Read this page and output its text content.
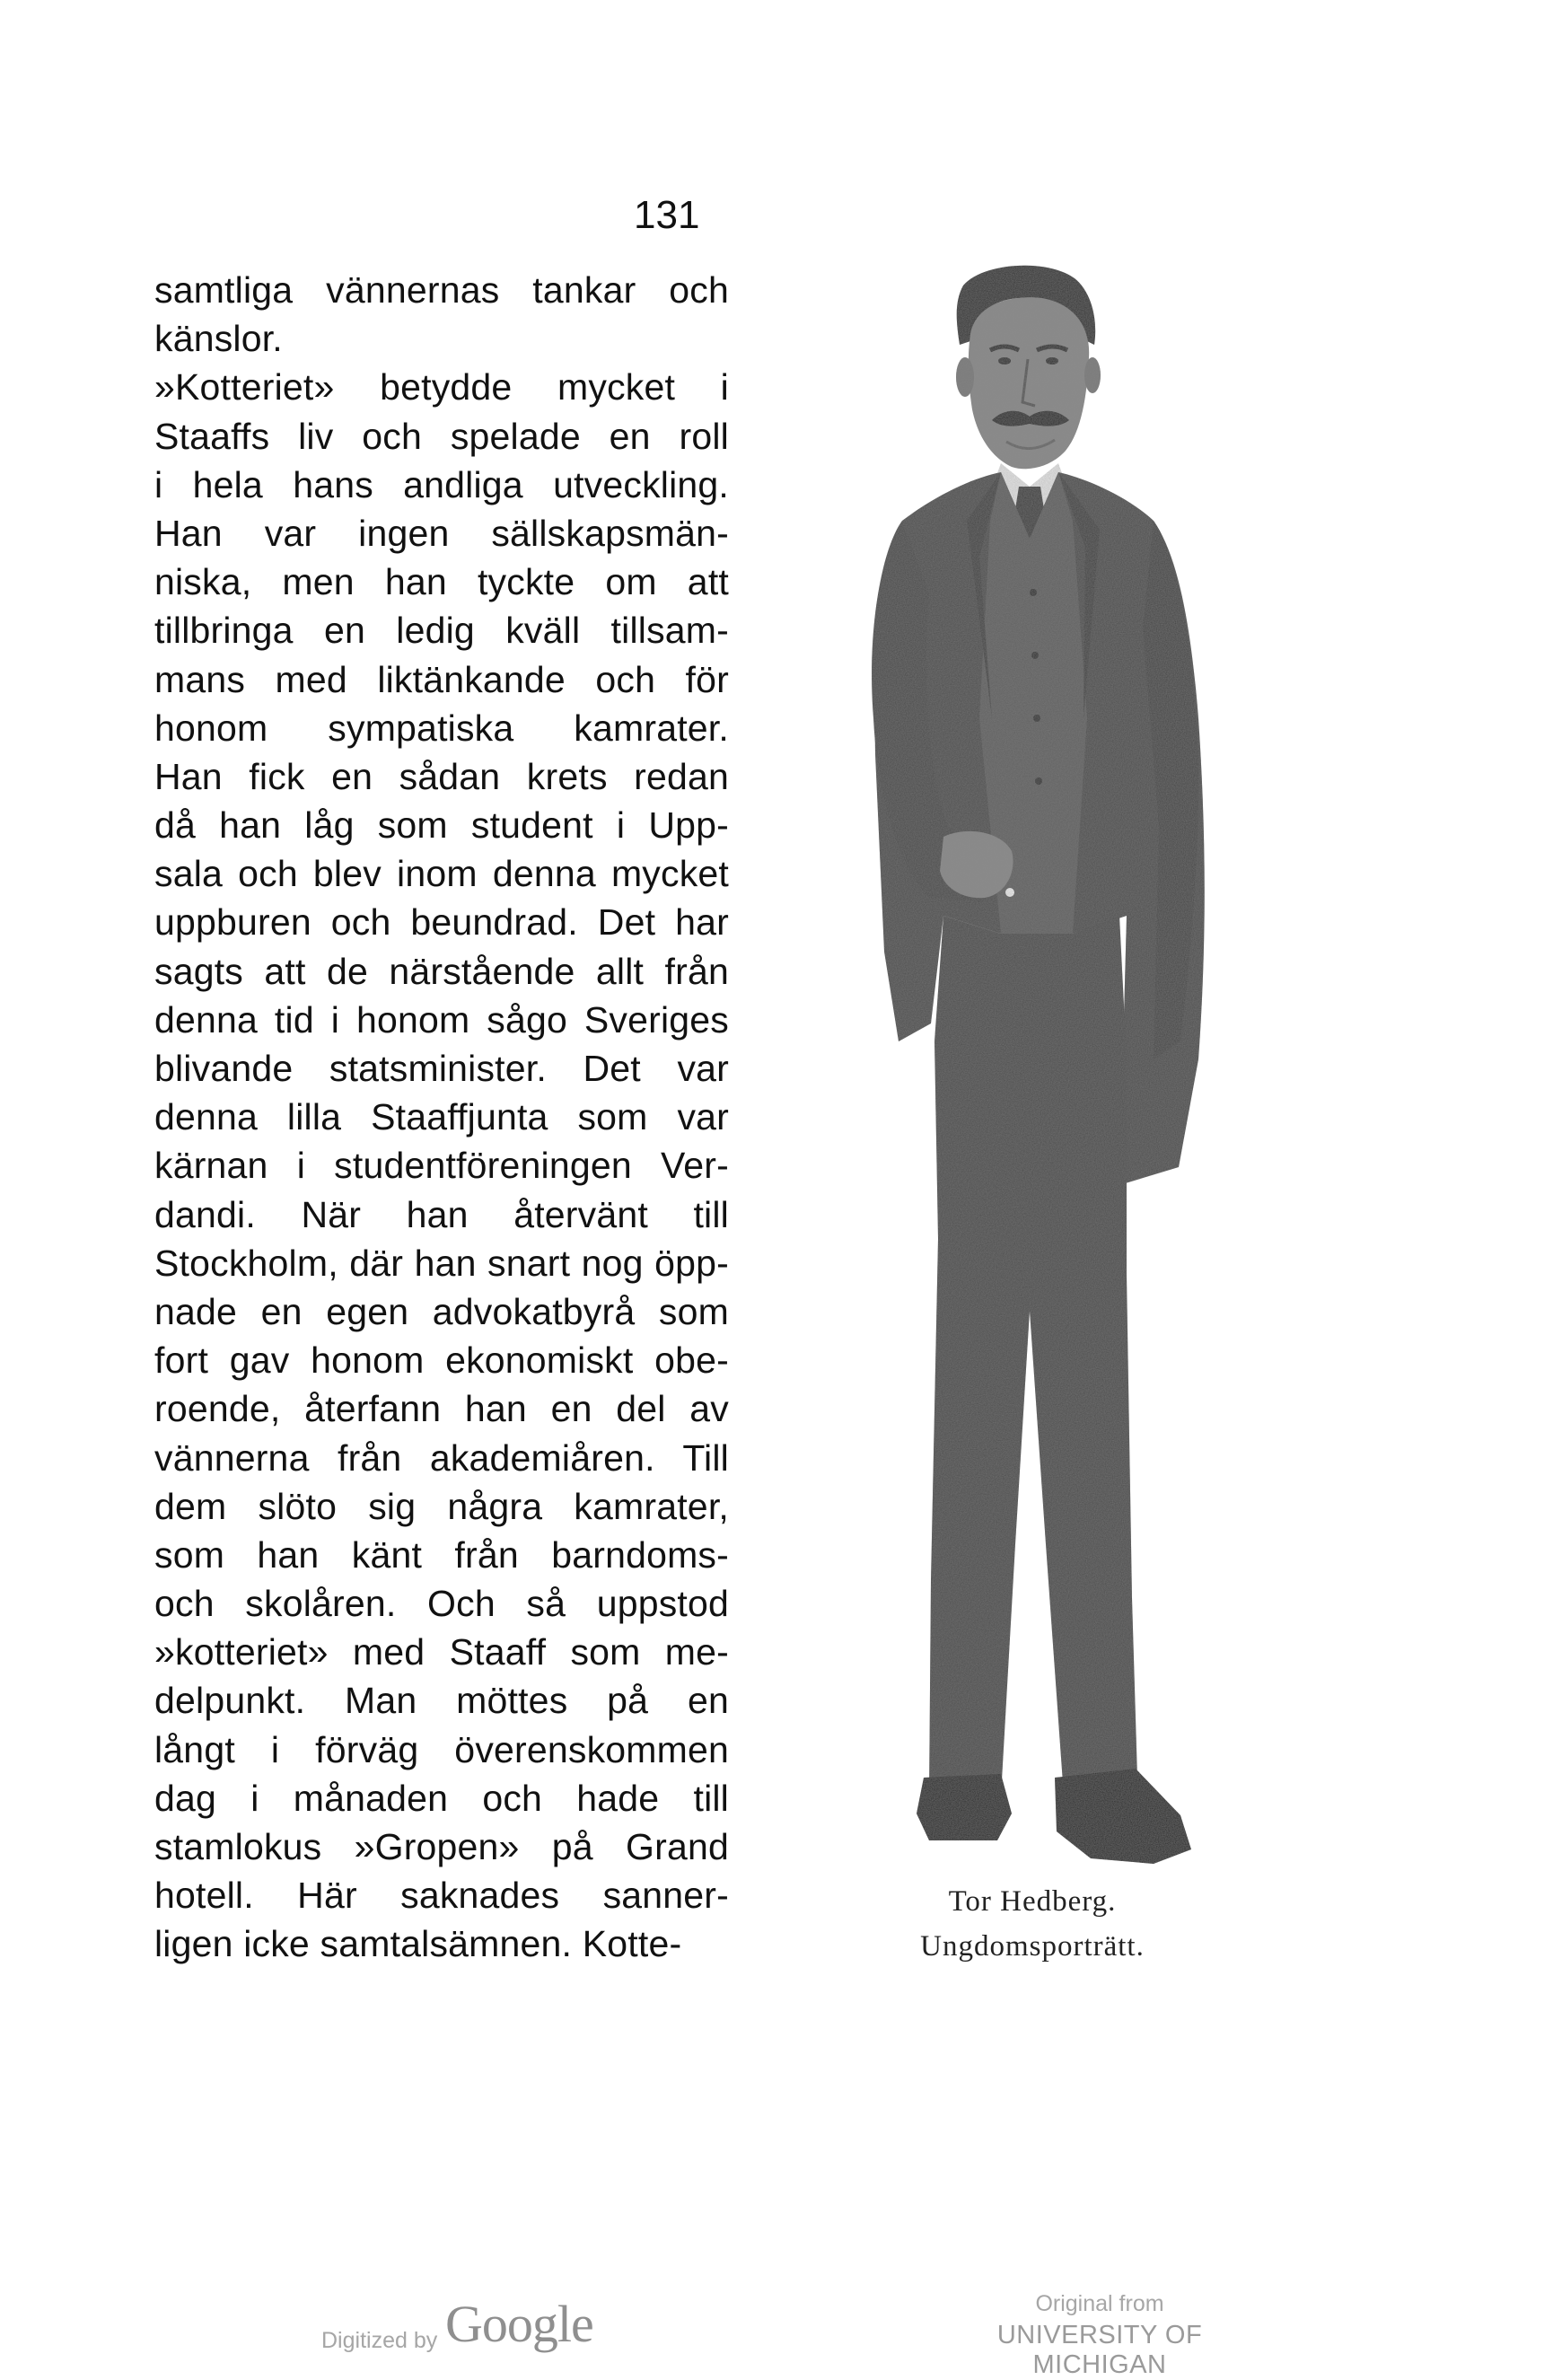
131
samtliga vännernas tankar och
känslor.
»Kotteriet» betydde mycket i
Staaffs liv och spelade en roll
i hela hans andliga utveckling.
Han var ingen sällskapsmän-
niska, men han tyckte om att
tillbringa en ledig kväll tillsam-
mans med liktänkande och för
honom sympatiska kamrater.
Han fick en sådan krets redan
då han låg som student i Upp-
sala och blev inom denna mycket
uppburen och beundrad. Det har
sagts att de närstående allt från
denna tid i honom sågo Sveriges
blivande statsminister. Det var
denna lilla Staaffjunta som var
kärnan i studentföreningen Ver-
dandi. När han återvänt till
Stockholm, där han snart nog öpp-
nade en egen advokatbyrå som
fort gav honom ekonomiskt obe-
roende, återfann han en del av
vännerna från akademiåren. Till
dem slöto sig några kamrater,
som han känt från barndoms-
och skolåren. Och så uppstod
»kotteriet» med Staaff som me-
delpunkt. Man möttes på en
långt i förväg överenskommen
dag i månaden och hade till
stamlokus »Gropen» på Grand
hotell. Här saknades sanner-
ligen icke samtalsämnen. Kotte-
Tor Hedberg.
Ungdomsporträtt.
Digitized by Google	Original from
UNIVERSITY OF MICHIGAN
